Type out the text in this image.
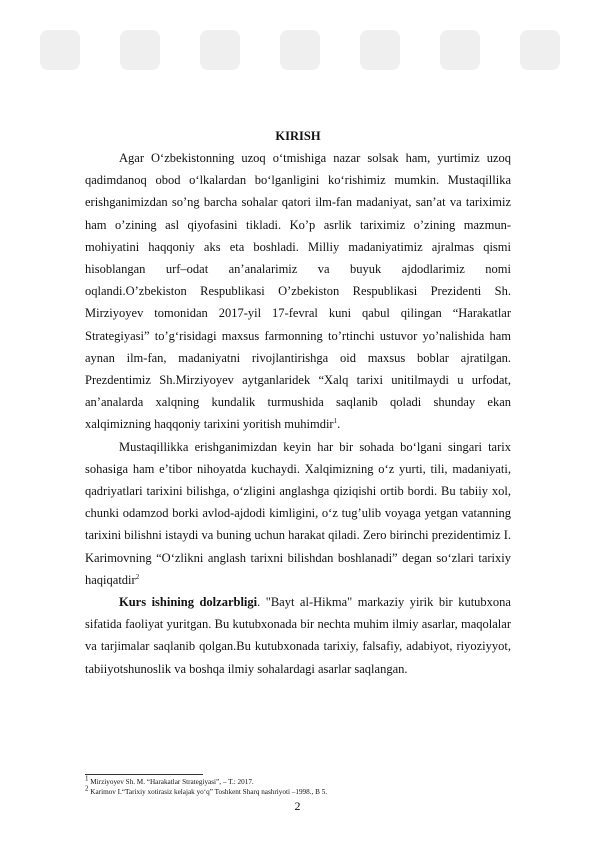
KIRISH

Agar O‘zbekistonning uzoq o‘tmishiga nazar solsak ham, yurtimiz uzoq qadimdanoq obod o‘lkalardan bo‘lganligini ko‘rishimiz mumkin. Mustaqillika erishganimizdan so’ng barcha sohalar qatori ilm-fan madaniyat, san’at va tariximiz ham o’zining asl qiyofasini tikladi. Ko’p asrlik tariximiz o’zining mazmun-mohiyatini haqqoniy aks eta boshladi. Milliy madaniyatimiz ajralmas qismi hisoblangan urf–odat an’analarimiz va buyuk ajdodlarimiz nomi oqlandi.O’zbekiston Respublikasi O’zbekiston Respublikasi Prezidenti Sh. Mirziyoyev tomonidan 2017-yil 17-fevral kuni qabul qilingan “Harakatlar Strategiyasi” to’g‘risidagi maxsus farmonning to’rtinchi ustuvor yo’nalishida ham aynan ilm-fan, madaniyatni rivojlantirishga oid maxsus boblar ajratilgan. Prezdentimiz Sh.Mirziyoyev aytganlaridek “Xalq tarixi unitilmaydi u urfodat, an’analarda xalqning kundalik turmushida saqlanib qoladi shunday ekan xalqimizning haqqoniy tarixini yoritish muhimdir$^1$.

Mustaqillikka erishganimizdan keyin har bir sohada bo‘lgani singari tarix sohasiga ham e’tibor nihoyatda kuchaydi. Xalqimizning o‘z yurti, tili, madaniyati, qadriyatlari tarixini bilishga, o‘zligini anglashga qiziqishi ortib bordi. Bu tabiiy xol, chunki odamzod borki avlod-ajdodi kimligini, o‘z tug’ulib voyaga yetgan vatanning tarixini bilishni istaydi va buning uchun harakat qiladi. Zero birinchi prezidentimiz I. Karimovning “O‘zlikni anglash tarixni bilishdan boshlanadi” degan so‘zlari tarixiy haqiqatdir$^2$

Kurs ishining dolzarbligi. "Bayt al-Hikma" markaziy yirik bir kutubxona sifatida faoliyat yuritgan. Bu kutubxonada bir nechta muhim ilmiy asarlar, maqolalar va tarjimalar saqlanib qolgan.Bu kutubxonada tarixiy, falsafiy, adabiyot, riyoziyyot, tabiiyotshunoslik va boshqa ilmiy sohalardagi asarlar saqlangan.

$^1$ Mirziyoyev Sh. M. “Harakatlar Strategiyasi”, – T.: 2017.
$^2$ Karimov I.“Tarixiy xotirasiz kelajak yo‘q” Toshkent Sharq nashriyoti –1998., B 5.
2
